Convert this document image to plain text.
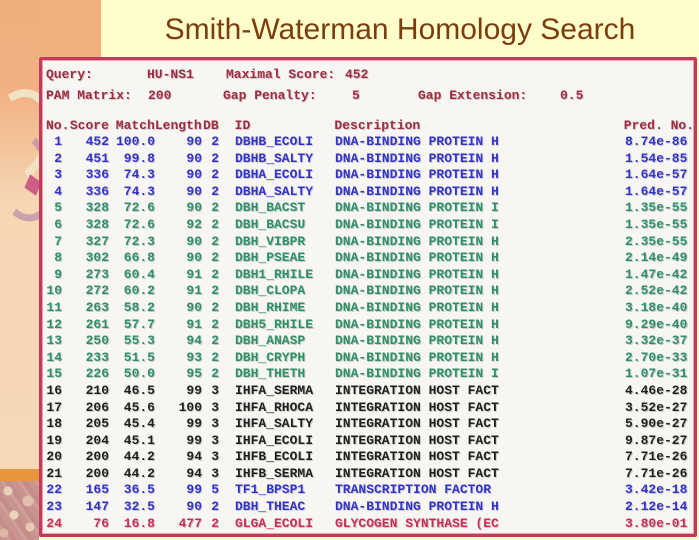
Smith-Waterman Homology Search
Query:	HU-NS1	Maximal Score: 452
PAM Matrix:	200	Gap Penalty:	5	Gap Extension:	0.5
No. Score Match Length DB ID	Description	Pred. No.
1	452 100.0	90 2 DBHB_ECOLI	DNA-BINDING PROTEIN H	8.74e-86
2	451	99.8	90 2 DBHB_SALTY	DNA-BINDING PROTEIN H	1.54e-85
3	336	74.3	90 2 DBHA_ECOLI	DNA-BINDING PROTEIN H	1.64e-57
4	336	74.3	90 2 DBHA_SALTY	DNA-BINDING PROTEIN H	1.64e-57
5	328	72.6	90 2 DBH_BACST	DNA-BINDING PROTEIN I	1.35e-55
6	328	72.6	92 2 DBH_BACSU	DNA-BINDING PROTEIN I	1.35e-55
7	327	72.3	90 2 DBH_VIBPR	DNA-BINDING PROTEIN H	2.35e-55
8	302	66.8	90 2 DBH_PSEAE	DNA-BINDING PROTEIN H	2.14e-49
9	273	60.4	91 2 DBH1_RHILE	DNA-BINDING PROTEIN H	1.47e-42
10	272	60.2	91 2 DBH_CLOPA	DNA-BINDING PROTEIN H	2.52e-42
11	263	58.2	90 2 DBH_RHIME	DNA-BINDING PROTEIN H	3.18e-40
12	261	57.7	91 2 DBH5_RHILE	DNA-BINDING PROTEIN H	9.29e-40
13	250	55.3	94 2 DBH_ANASP	DNA-BINDING PROTEIN H	3.32e-37
14	233	51.5	93 2 DBH_CRYPH	DNA-BINDING PROTEIN H	2.70e-33
15	226	50.0	95 2 DBH_THETH	DNA-BINDING PROTEIN I	1.07e-31
16	210	46.5	99 3 IHFA_SERMA	INTEGRATION HOST FACT	4.46e-28
17	206	45.6	100 3 IHFA_RHOCA	INTEGRATION HOST FACT	3.52e-27
18	205	45.4	99 3 IHFA_SALTY	INTEGRATION HOST FACT	5.90e-27
19	204	45.1	99 3 IHFA_ECOLI	INTEGRATION HOST FACT	9.87e-27
20	200	44.2	94 3 IHFB_ECOLI	INTEGRATION HOST FACT	7.71e-26
21	200	44.2	94 3 IHFB_SERMA	INTEGRATION HOST FACT	7.71e-26
22	165	36.5	99 5 TF1_BPSP1	TRANSCRIPTION FACTOR	3.42e-18
23	147	32.5	90 2 DBH_THEAC	DNA-BINDING PROTEIN H	2.12e-14
24	76	16.8	477 2 GLGA_ECOLI	GLYCOGEN SYNTHASE (EC	3.80e-01
